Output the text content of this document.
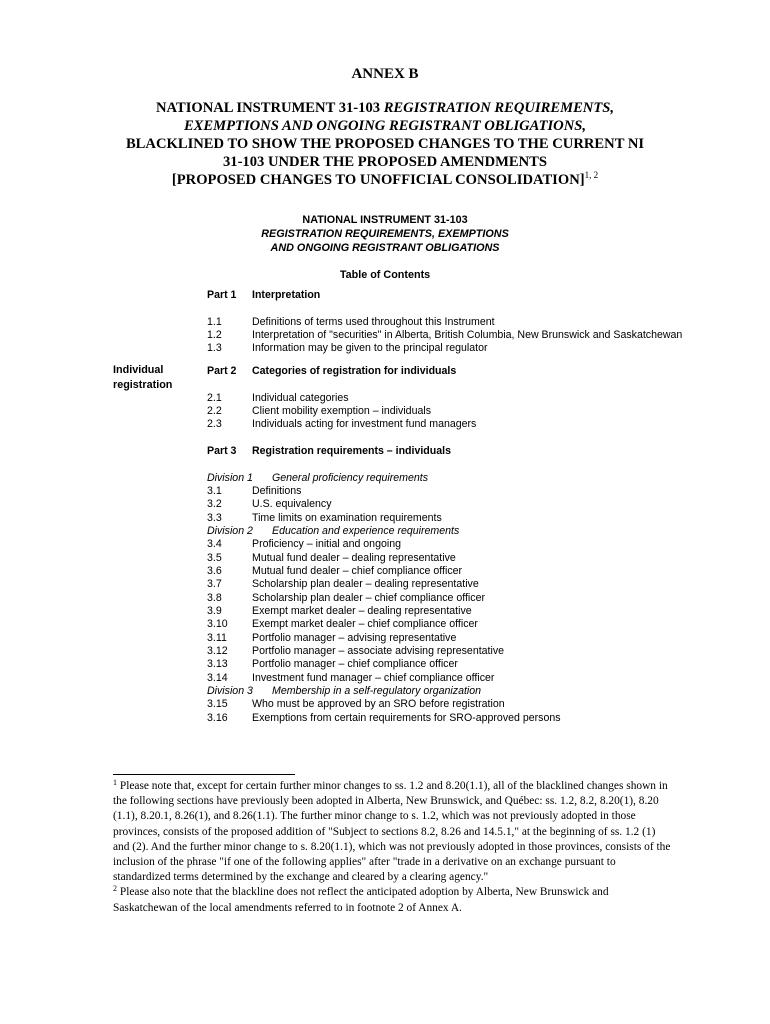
ANNEX B
NATIONAL INSTRUMENT 31-103 REGISTRATION REQUIREMENTS,
EXEMPTIONS AND ONGOING REGISTRANT OBLIGATIONS,
BLACKLINED TO SHOW THE PROPOSED CHANGES TO THE CURRENT NI
31-103 UNDER THE PROPOSED AMENDMENTS
[PROPOSED CHANGES TO UNOFFICIAL CONSOLIDATION]$^{1, 2}$
NATIONAL INSTRUMENT 31-103
REGISTRATION REQUIREMENTS, EXEMPTIONS
AND ONGOING REGISTRANT OBLIGATIONS
Table of Contents
Individual
registration
Part 1 Interpretation
1.1	Definitions of terms used throughout this Instrument
1.2	Interpretation of "securities" in Alberta, British Columbia, New Brunswick and Saskatchewan
1.3	Information may be given to the principal regulator
Part 2 Categories of registration for individuals
2.1	Individual categories
2.2	Client mobility exemption – individuals
2.3	Individuals acting for investment fund managers
Part 3 Registration requirements – individuals
Division 1 General proficiency requirements
3.1	Definitions
3.2	U.S. equivalency
3.3	Time limits on examination requirements
Division 2 Education and experience requirements
3.4	Proficiency – initial and ongoing
3.5	Mutual fund dealer – dealing representative
3.6	Mutual fund dealer – chief compliance officer
3.7	Scholarship plan dealer – dealing representative
3.8	Scholarship plan dealer – chief compliance officer
3.9	Exempt market dealer – dealing representative
3.10 Exempt market dealer – chief compliance officer
3.11 Portfolio manager – advising representative
3.12 Portfolio manager – associate advising representative
3.13 Portfolio manager – chief compliance officer
3.14 Investment fund manager – chief compliance officer
Division 3 Membership in a self-regulatory organization
3.15 Who must be approved by an SRO before registration
3.16 Exemptions from certain requirements for SRO-approved persons

$^1$ Please note that, except for certain further minor changes to ss. 1.2 and 8.20(1.1), all of the blacklined changes shown in the following sections have previously been adopted in Alberta, New Brunswick, and Québec: ss. 1.2, 8.2, 8.20(1), 8.20 (1.1), 8.20.1, 8.26(1), and 8.26(1.1). The further minor change to s. 1.2, which was not previously adopted in those provinces, consists of the proposed addition of "Subject to sections 8.2, 8.26 and 14.5.1," at the beginning of ss. 1.2 (1) and (2). And the further minor change to s. 8.20(1.1), which was not previously adopted in those provinces, consists of the inclusion of the phrase "if one of the following applies" after "trade in a derivative on an exchange pursuant to standardized terms determined by the exchange and cleared by a clearing agency."

$^2$ Please also note that the blackline does not reflect the anticipated adoption by Alberta, New Brunswick and Saskatchewan of the local amendments referred to in footnote 2 of Annex A.
